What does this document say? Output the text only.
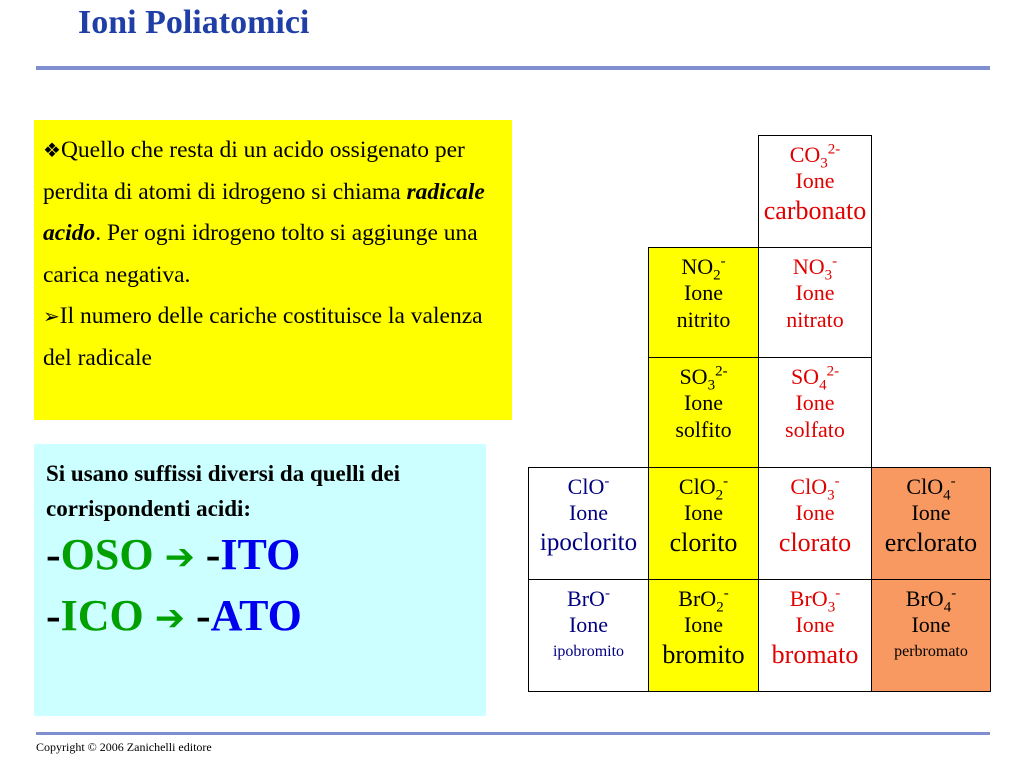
Ioni Poliatomici

❖Quello che resta di un acido ossigenato per perdita di atomi di idrogeno si chiama radicale acido. Per ogni idrogeno tolto si aggiunge una carica negativa.

➢Il numero delle cariche costituisce la valenza del radicale

Si usano suffissi diversi da quelli dei corrispondenti acidi:
-OSO ➔ -ITO
-ICO ➔ -ATO
$CO_3^{2-}$
Ione
carbonato
$NO_2^-$
Ione
nitrito
$NO_3^-$
Ione
nitrato
$SO_3^{2-}$
Ione
solfito
$SO_4^{2-}$
Ione
solfato
ClO-
Ione
ipoclorito
ClO$_2$-
Ione
clorito
ClO$_3$-
Ione
clorato
ClO$_4$-
Ione
erclorato
BrO-
Ione
ipobromito
BrO$_2$-
Ione
bromito
BrO$_3$-
Ione
bromato
BrO$_4$-
Ione
perbromato
Copyright © 2006 Zanichelli editore
